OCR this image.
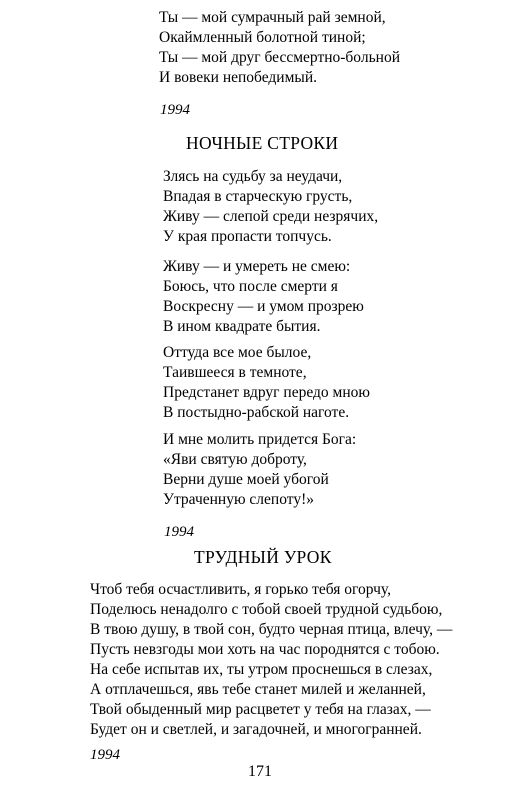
Ты — мой сумрачный рай земной,
Окаймленный болотной тиной;
Ты — мой друг бессмертно-больной
И вовеки непобедимый.
1994
НОЧНЫЕ СТРОКИ
Злясь на судьбу за неудачи,
Впадая в старческую грусть,
Живу — слепой среди незрячих,
У края пропасти топчусь.
Живу — и умереть не смею:
Боюсь, что после смерти я
Воскресну — и умом прозрею
В ином квадрате бытия.
Оттуда все мое былое,
Таившееся в темноте,
Предстанет вдруг передо мною
В постыдно-рабской наготе.
И мне молить придется Бога:
«Яви святую доброту,
Верни душе моей убогой
Утраченную слепоту!»
1994
ТРУДНЫЙ УРОК
Чтоб тебя осчастливить, я горько тебя огорчу,
Поделюсь ненадолго с тобой своей трудной судьбою,
В твою душу, в твой сон, будто черная птица, влечу, —
Пусть невзгоды мои хоть на час породнятся с тобою.
На себе испытав их, ты утром проснешься в слезах,
А отплачешься, явь тебе станет милей и желанней,
Твой обыденный мир расцветет у тебя на глазах, —
Будет он и светлей, и загадочней, и многогранней.
1994
171
